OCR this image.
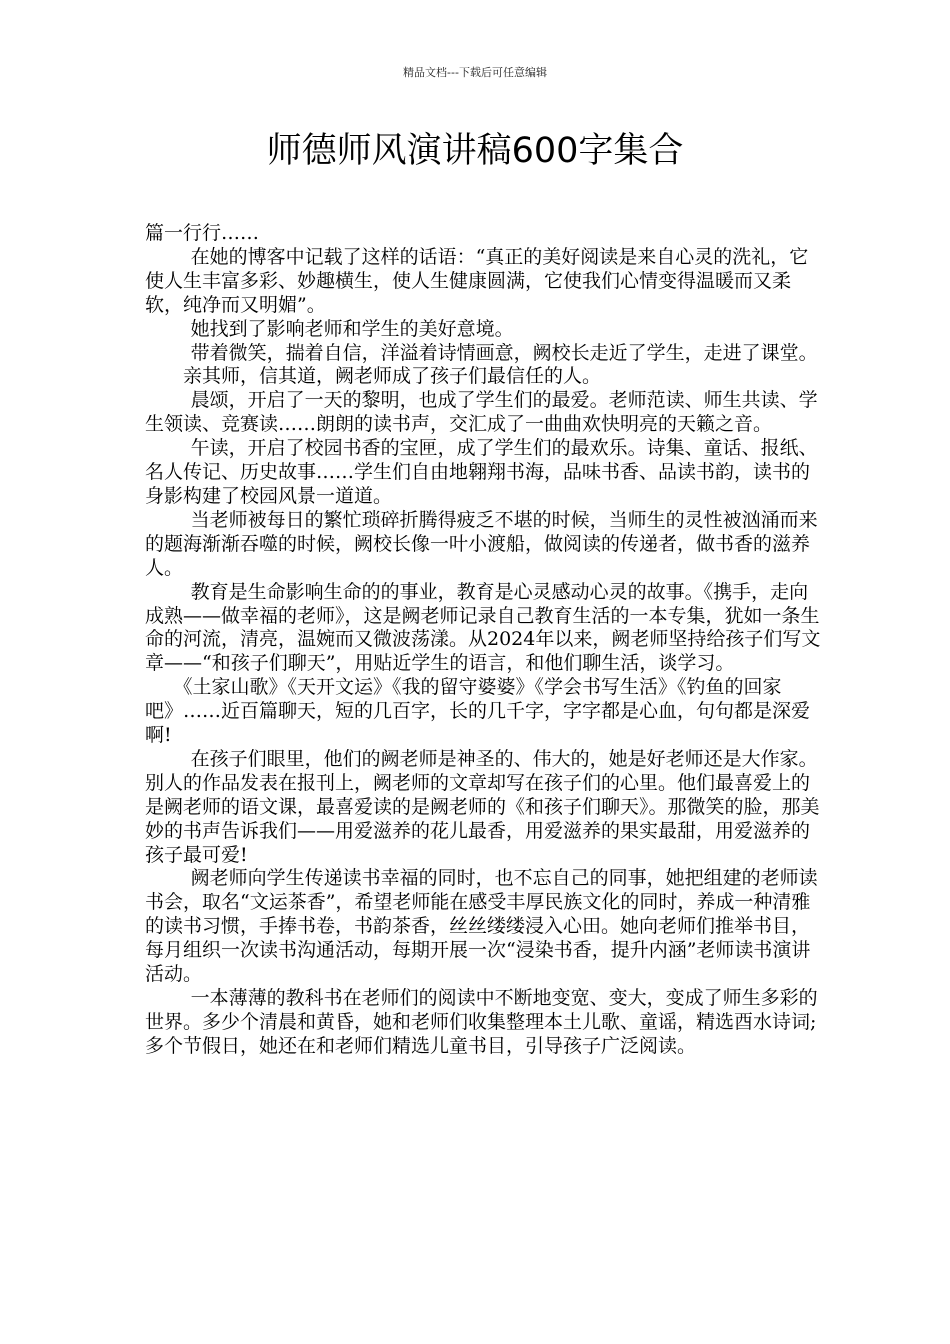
精品文档---下载后可任意编辑
师德师风演讲稿600字集合

篇一行行……

在她的博客中记载了这样的话语：“真正的美好阅读是来自心灵的洗礼，它使人生丰富多彩、妙趣横生，使人生健康圆满，它使我们心情变得温暖而又柔软，纯净而又明媚”。

她找到了影响老师和学生的美好意境。

带着微笑，揣着自信，洋溢着诗情画意，阙校长走近了学生，走进了课堂。

亲其师，信其道，阙老师成了孩子们最信任的人。

晨颂，开启了一天的黎明，也成了学生们的最爱。老师范读、师生共读、学生领读、竞赛读……朗朗的读书声，交汇成了一曲曲欢快明亮的天籁之音。

午读，开启了校园书香的宝匣，成了学生们的最欢乐。诗集、童话、报纸、名人传记、历史故事……学生们自由地翱翔书海，品味书香、品读书韵，读书的身影构建了校园风景一道道。

当老师被每日的繁忙琐碎折腾得疲乏不堪的时候，当师生的灵性被汹涌而来的题海渐渐吞噬的时候，阙校长像一叶小渡船，做阅读的传递者，做书香的滋养人。

教育是生命影响生命的的事业，教育是心灵感动心灵的故事。《携手，走向成熟——做幸福的老师》，这是阙老师记录自己教育生活的一本专集，犹如一条生命的河流，清亮，温婉而又微波荡漾。从2024年以来，阙老师坚持给孩子们写文章——“和孩子们聊天”，用贴近学生的语言，和他们聊生活，谈学习。

《土家山歌》《天开文运》《我的留守婆婆》《学会书写生活》《钓鱼的回家吧》……近百篇聊天，短的几百字，长的几千字，字字都是心血，句句都是深爱啊!

在孩子们眼里，他们的阙老师是神圣的、伟大的，她是好老师还是大作家。别人的作品发表在报刊上，阙老师的文章却写在孩子们的心里。他们最喜爱上的是阙老师的语文课，最喜爱读的是阙老师的《和孩子们聊天》。那微笑的脸，那美妙的书声告诉我们——用爱滋养的花儿最香，用爱滋养的果实最甜，用爱滋养的孩子最可爱!

阙老师向学生传递读书幸福的同时，也不忘自己的同事，她把组建的老师读书会，取名“文运茶香”，希望老师能在感受丰厚民族文化的同时，养成一种清雅的读书习惯，手捧书卷，书韵茶香，丝丝缕缕浸入心田。她向老师们推举书目，每月组织一次读书沟通活动，每期开展一次“浸染书香，提升内涵”老师读书演讲活动。

一本薄薄的教科书在老师们的阅读中不断地变宽、变大，变成了师生多彩的世界。多少个清晨和黄昏，她和老师们收集整理本土儿歌、童谣，精选酉水诗词;多个节假日，她还在和老师们精选儿童书目，引导孩子广泛阅读。
